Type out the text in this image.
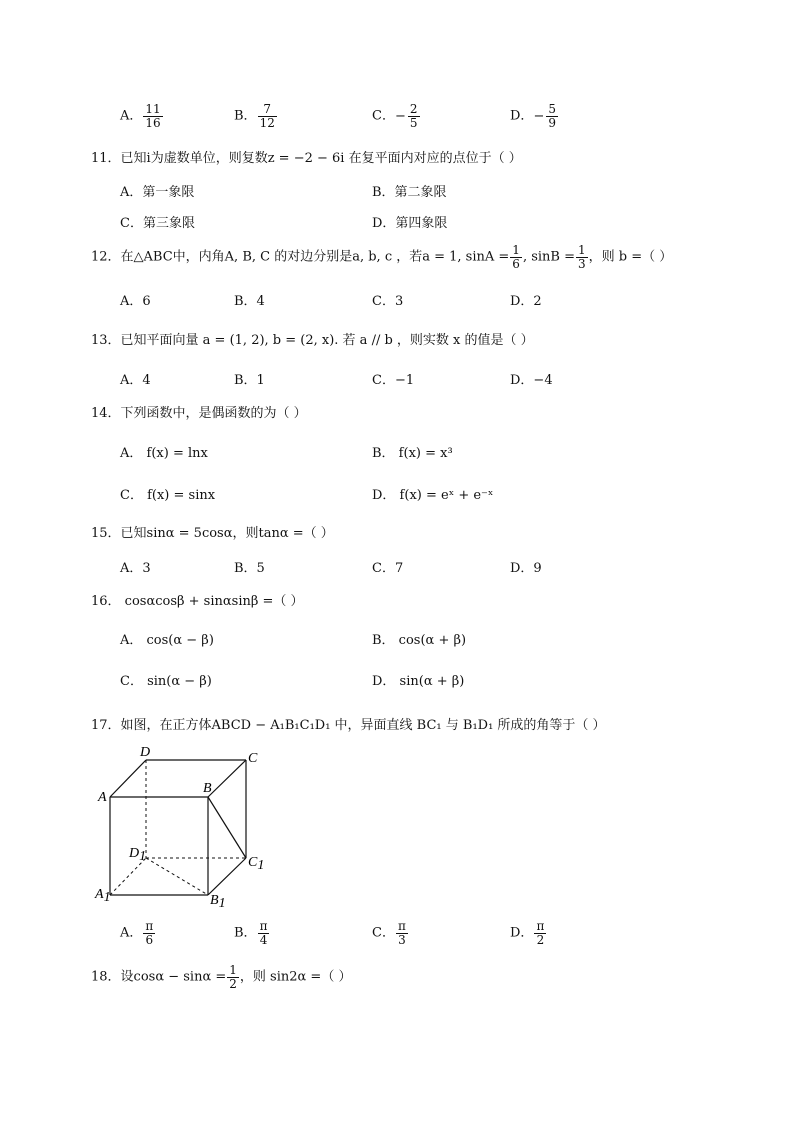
A． $\frac{11}{16}$	B． $\frac{7}{12}$	C．− $\frac{2}{5}$	D．− $\frac{5}{9}$
11．已知i为虚数单位，则复数z = −2 − 6i 在复平面内对应的点位于（ ）
A．第一象限	B．第二象限
C．第三象限	D．第四象限
12．在△ABC中，内角A, B, C 的对边分别是a, b, c ，若a = 1, $\sin A = \frac{1}{6}$ , $\sin B = \frac{1}{3}$ ，则 b =（ ）
A．6	B．4	C．3	D．2
13．已知平面向量 a = (1, 2), b = (2, x). 若 a // b ，则实数 x 的值是（ ）
A．4	B．1	C．−1	D．−4
14．下列函数中，是偶函数的为（ ）
A． f(x) = lnx	B． f(x) = x³
C． f(x) = sinx	D． f(x) = eˣ + e⁻ˣ
15．已知sinα = 5cosα，则tanα =（ ）
A．3	B．5	C．7	D．9
16． cosαcosβ + sinαsinβ =（ ）
A． cos(α − β)	B． cos(α + β)
C． sin(α − β)	D． sin(α + β)
17．如图，在正方体ABCD − A₁B₁C₁D₁ 中，异面直线 BC₁ 与 B₁D₁ 所成的角等于（ ）
D	C
A
B
D1	C1
A1	B1
A． $\frac{\pi}{6}$	B． $\frac{\pi}{4}$	C． $\frac{\pi}{3}$	D． $\frac{\pi}{2}$
18．设$\cos\alpha - \sin\alpha = \frac{1}{2}$ ，则 sin2α =（ ）
